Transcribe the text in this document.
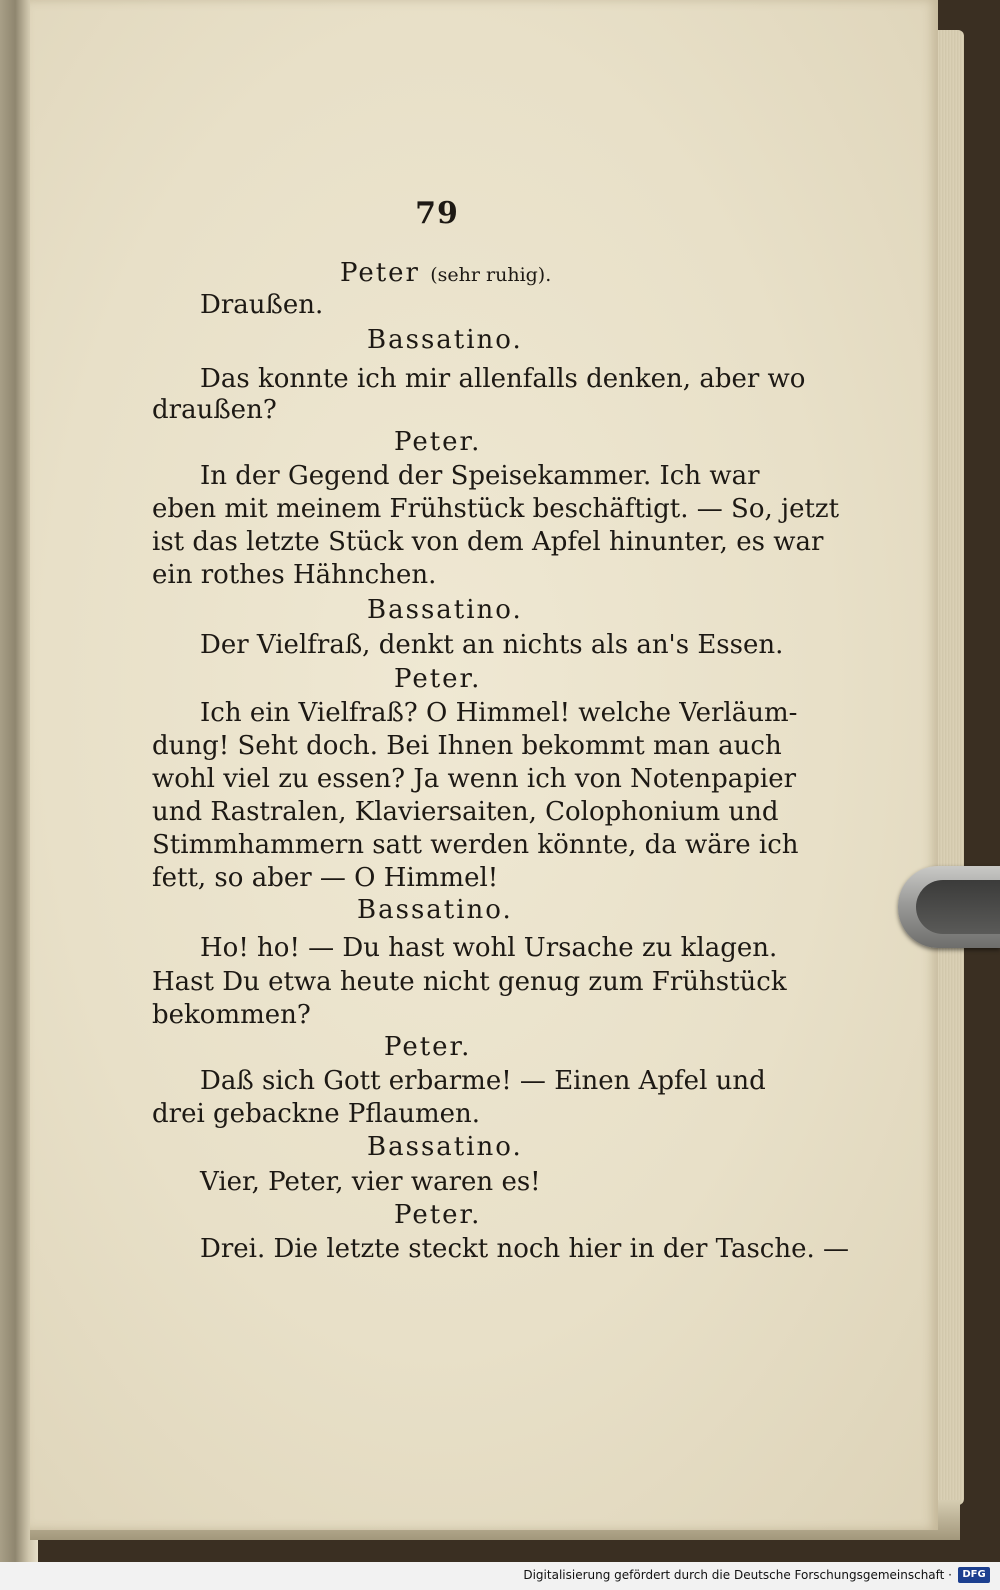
79
Peter (sehr ruhig).
Draußen.
Bassatino.
Das konnte ich mir allenfalls denken, aber wo
draußen?
Peter.
In der Gegend der Speisekammer. Ich war
eben mit meinem Frühstück beschäftigt. — So, jetzt
ist das letzte Stück von dem Apfel hinunter, es war
ein rothes Hähnchen.
Bassatino.
Der Vielfraß, denkt an nichts als an's Essen.
Peter.
Ich ein Vielfraß? O Himmel! welche Verläum-
dung! Seht doch. Bei Ihnen bekommt man auch
wohl viel zu essen? Ja wenn ich von Notenpapier
und Rastralen, Klaviersaiten, Colophonium und
Stimmhammern satt werden könnte, da wäre ich
fett, so aber — O Himmel!
Bassatino.
Ho! ho! — Du hast wohl Ursache zu klagen.
Hast Du etwa heute nicht genug zum Frühstück
bekommen?
Peter.
Daß sich Gott erbarme! — Einen Apfel und
drei gebackne Pflaumen.
Bassatino.
Vier, Peter, vier waren es!
Peter.
Drei. Die letzte steckt noch hier in der Tasche. —
Digitalisierung gefördert durch die Deutsche Forschungsgemeinschaft ·	DFG
